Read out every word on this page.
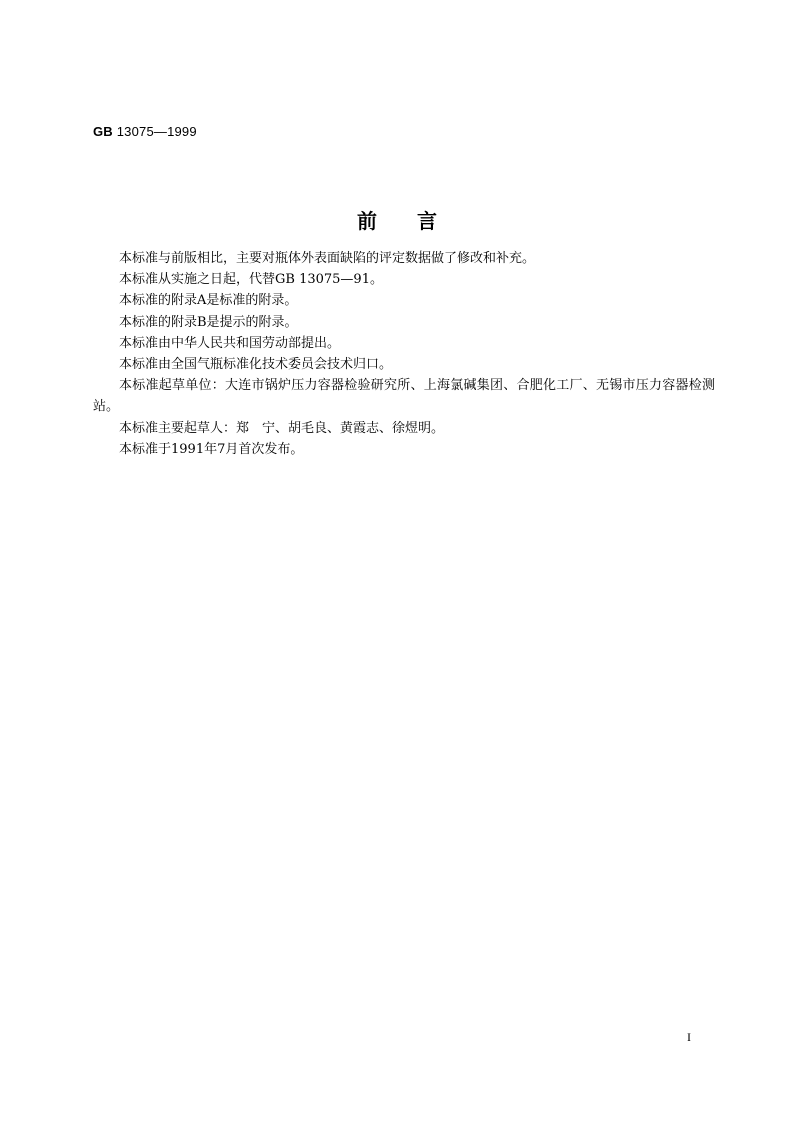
GB 13075—1999
前　　言

本标准与前版相比，主要对瓶体外表面缺陷的评定数据做了修改和补充。

本标准从实施之日起，代替GB 13075—91。

本标准的附录A是标准的附录。

本标准的附录B是提示的附录。

本标准由中华人民共和国劳动部提出。

本标准由全国气瓶标准化技术委员会技术归口。

本标准起草单位：大连市锅炉压力容器检验研究所、上海氯碱集团、合肥化工厂、无锡市压力容器检测站。

本标准主要起草人：郑　宁、胡毛良、黄霞志、徐煜明。

本标准于1991年7月首次发布。

I
